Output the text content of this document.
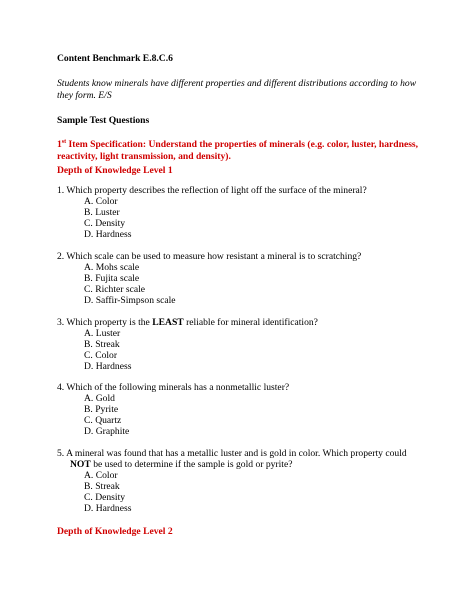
Content Benchmark E.8.C.6
Students know minerals have different properties and different distributions according to how
they form. E/S
Sample Test Questions
1st Item Specification: Understand the properties of minerals (e.g. color, luster, hardness,
reactivity, light transmission, and density).
Depth of Knowledge Level 1
1. Which property describes the reflection of light off the surface of the mineral?
A. Color
B. Luster
C. Density
D. Hardness
2. Which scale can be used to measure how resistant a mineral is to scratching?
A. Mohs scale
B. Fujita scale
C. Richter scale
D. Saffir-Simpson scale
3. Which property is the LEAST reliable for mineral identification?
A. Luster
B. Streak
C. Color
D. Hardness
4. Which of the following minerals has a nonmetallic luster?
A. Gold
B. Pyrite
C. Quartz
D. Graphite
5. A mineral was found that has a metallic luster and is gold in color. Which property could
NOT be used to determine if the sample is gold or pyrite?
A. Color
B. Streak
C. Density
D. Hardness
Depth of Knowledge Level 2
